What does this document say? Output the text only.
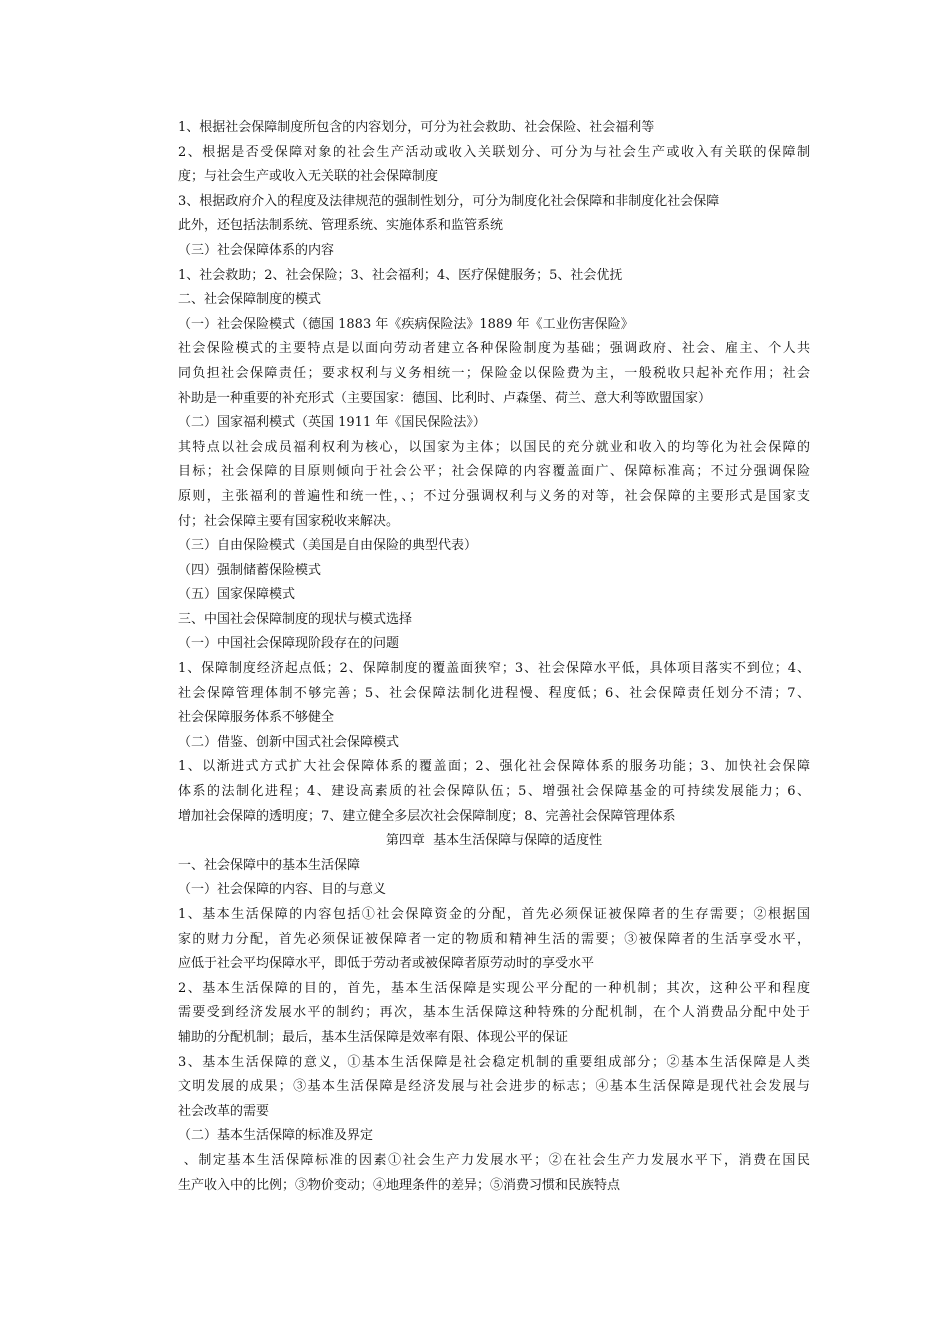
1、根据社会保障制度所包含的内容划分，可分为社会救助、社会保险、社会福利等
2、根据是否受保障对象的社会生产活动或收入关联划分、可分为与社会生产或收入有关联的保障制
度；与社会生产或收入无关联的社会保障制度
3、根据政府介入的程度及法律规范的强制性划分，可分为制度化社会保障和非制度化社会保障
此外，还包括法制系统、管理系统、实施体系和监管系统
（三）社会保障体系的内容
1、社会救助；2、社会保险；3、社会福利；4、医疗保健服务；5、社会优抚
二、社会保障制度的模式
（一）社会保险模式（德国 1883 年《疾病保险法》1889 年《工业伤害保险》
社会保险模式的主要特点是以面向劳动者建立各种保险制度为基础；强调政府、社会、雇主、个人共
同负担社会保障责任；要求权利与义务相统一；保险金以保险费为主，一般税收只起补充作用；社会
补助是一种重要的补充形式（主要国家：德国、比利时、卢森堡、荷兰、意大利等欧盟国家）
（二）国家福利模式（英国 1911 年《国民保险法》）
其特点以社会成员福利权利为核心，以国家为主体；以国民的充分就业和收入的均等化为社会保障的
目标；社会保障的目原则倾向于社会公平；社会保障的内容覆盖面广、保障标准高；不过分强调保险
原则，主张福利的普遍性和统一性，、；不过分强调权利与义务的对等，社会保障的主要形式是国家支
付；社会保障主要有国家税收来解决。
（三）自由保险模式（美国是自由保险的典型代表）
（四）强制储蓄保险模式
（五）国家保障模式
三、中国社会保障制度的现状与模式选择
（一）中国社会保障现阶段存在的问题
1、保障制度经济起点低；2、保障制度的覆盖面狭窄；3、社会保障水平低，具体项目落实不到位；4、
社会保障管理体制不够完善；5、社会保障法制化进程慢、程度低；6、社会保障责任划分不清；7、
社会保障服务体系不够健全
（二）借鉴、创新中国式社会保障模式
1、以渐进式方式扩大社会保障体系的覆盖面；2、强化社会保障体系的服务功能；3、加快社会保障
体系的法制化进程；4、建设高素质的社会保障队伍；5、增强社会保障基金的可持续发展能力；6、
增加社会保障的透明度；7、建立健全多层次社会保障制度；8、完善社会保障管理体系
第四章  基本生活保障与保障的适度性
一、社会保障中的基本生活保障
（一）社会保障的内容、目的与意义
1、基本生活保障的内容包括①社会保障资金的分配，首先必须保证被保障者的生存需要；②根据国
家的财力分配，首先必须保证被保障者一定的物质和精神生活的需要；③被保障者的生活享受水平，
应低于社会平均保障水平，即低于劳动者或被保障者原劳动时的享受水平
2、基本生活保障的目的，首先，基本生活保障是实现公平分配的一种机制；其次，这种公平和程度
需要受到经济发展水平的制约；再次，基本生活保障这种特殊的分配机制，在个人消费品分配中处于
辅助的分配机制；最后，基本生活保障是效率有限、体现公平的保证
3、基本生活保障的意义，①基本生活保障是社会稳定机制的重要组成部分；②基本生活保障是人类
文明发展的成果；③基本生活保障是经济发展与社会进步的标志；④基本生活保障是现代社会发展与
社会改革的需要
（二）基本生活保障的标准及界定
、制定基本生活保障标准的因素①社会生产力发展水平；②在社会生产力发展水平下，消费在国民
生产收入中的比例；③物价变动；④地理条件的差异；⑤消费习惯和民族特点
